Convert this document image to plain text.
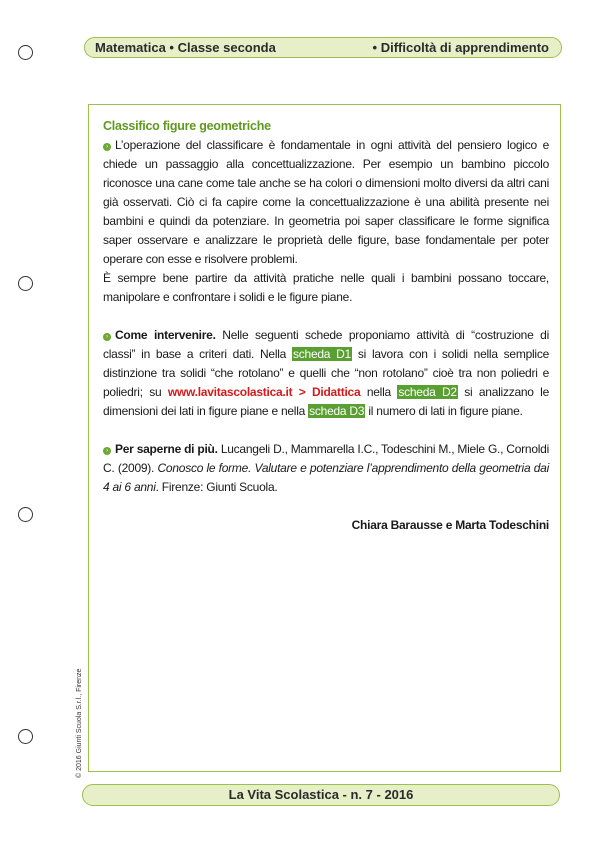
Matematica • Classe seconda	• Difficoltà di apprendimento

Classifico figure geometriche

› L’operazione del classificare è fondamentale in ogni attività del pensiero logico e chiede un passaggio alla concettualizzazione. Per esempio un bambino piccolo riconosce una cane come tale anche se ha colori o dimensioni molto diversi da altri cani già osservati. Ciò ci fa capire come la concettualizzazione è una abilità presente nei bambini e quindi da potenziare. In geometria poi saper classificare le forme significa saper osservare e analizzare le proprietà delle figure, base fondamentale per poter operare con esse e risolvere problemi.

È sempre bene partire da attività pratiche nelle quali i bambini possano toccare, manipolare e confrontare i solidi e le figure piane.

› Come intervenire. Nelle seguenti schede proponiamo attività di “costruzione di classi” in base a criteri dati. Nella scheda D1 si lavora con i solidi nella semplice distinzione tra solidi “che rotolano” e quelli che “non rotolano” cioè tra non poliedri e poliedri; su www.lavitascolastica.it > Didattica nella scheda D2 si analizzano le dimensioni dei lati in figure piane e nella scheda D3 il numero di lati in figure piane.

› Per saperne di più. Lucangeli D., Mammarella I.C., Todeschini M., Miele G., Cornoldi C. (2009). Conosco le forme. Valutare e potenziare l’apprendimento della geometria dai 4 ai 6 anni. Firenze: Giunti Scuola.

Chiara Barausse e Marta Todeschini

© 2016 Giunti Scuola S.r.l., Firenze
La Vita Scolastica - n. 7 - 2016
